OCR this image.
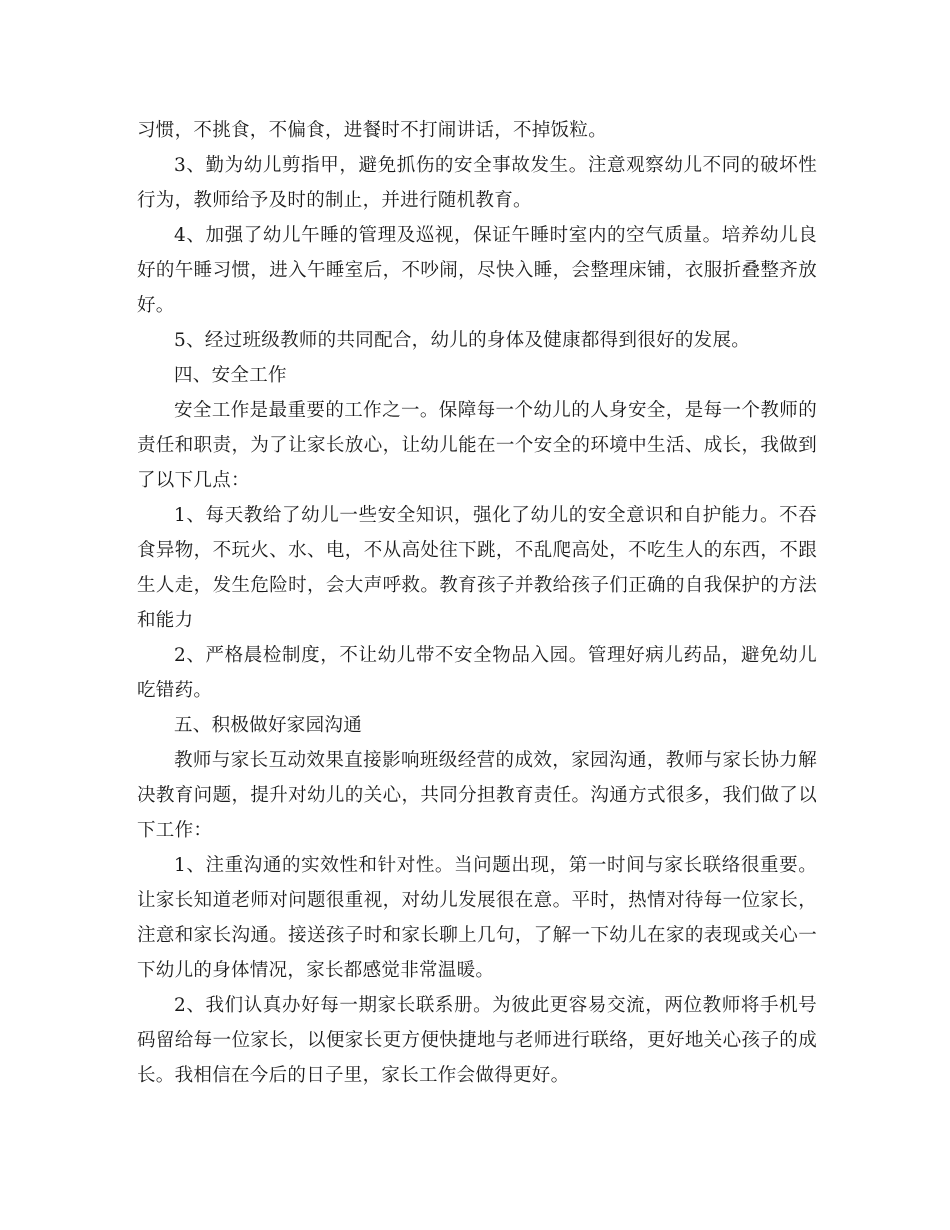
习惯，不挑食，不偏食，进餐时不打闹讲话，不掉饭粒。

3、勤为幼儿剪指甲，避免抓伤的安全事故发生。注意观察幼儿不同的破坏性行为，教师给予及时的制止，并进行随机教育。

4、加强了幼儿午睡的管理及巡视，保证午睡时室内的空气质量。培养幼儿良好的午睡习惯，进入午睡室后，不吵闹，尽快入睡，会整理床铺，衣服折叠整齐放好。

5、经过班级教师的共同配合，幼儿的身体及健康都得到很好的发展。

四、安全工作

安全工作是最重要的工作之一。保障每一个幼儿的人身安全，是每一个教师的责任和职责，为了让家长放心，让幼儿能在一个安全的环境中生活、成长，我做到了以下几点：

1、每天教给了幼儿一些安全知识，强化了幼儿的安全意识和自护能力。不吞食异物，不玩火、水、电，不从高处往下跳，不乱爬高处，不吃生人的东西，不跟生人走，发生危险时，会大声呼救。教育孩子并教给孩子们正确的自我保护的方法和能力

2、严格晨检制度，不让幼儿带不安全物品入园。管理好病儿药品，避免幼儿吃错药。

五、积极做好家园沟通

教师与家长互动效果直接影响班级经营的成效，家园沟通，教师与家长协力解决教育问题，提升对幼儿的关心，共同分担教育责任。沟通方式很多，我们做了以下工作：

1、注重沟通的实效性和针对性。当问题出现，第一时间与家长联络很重要。让家长知道老师对问题很重视，对幼儿发展很在意。平时，热情对待每一位家长，注意和家长沟通。接送孩子时和家长聊上几句，了解一下幼儿在家的表现或关心一下幼儿的身体情况，家长都感觉非常温暖。

2、我们认真办好每一期家长联系册。为彼此更容易交流，两位教师将手机号码留给每一位家长，以便家长更方便快捷地与老师进行联络，更好地关心孩子的成长。我相信在今后的日子里，家长工作会做得更好。
